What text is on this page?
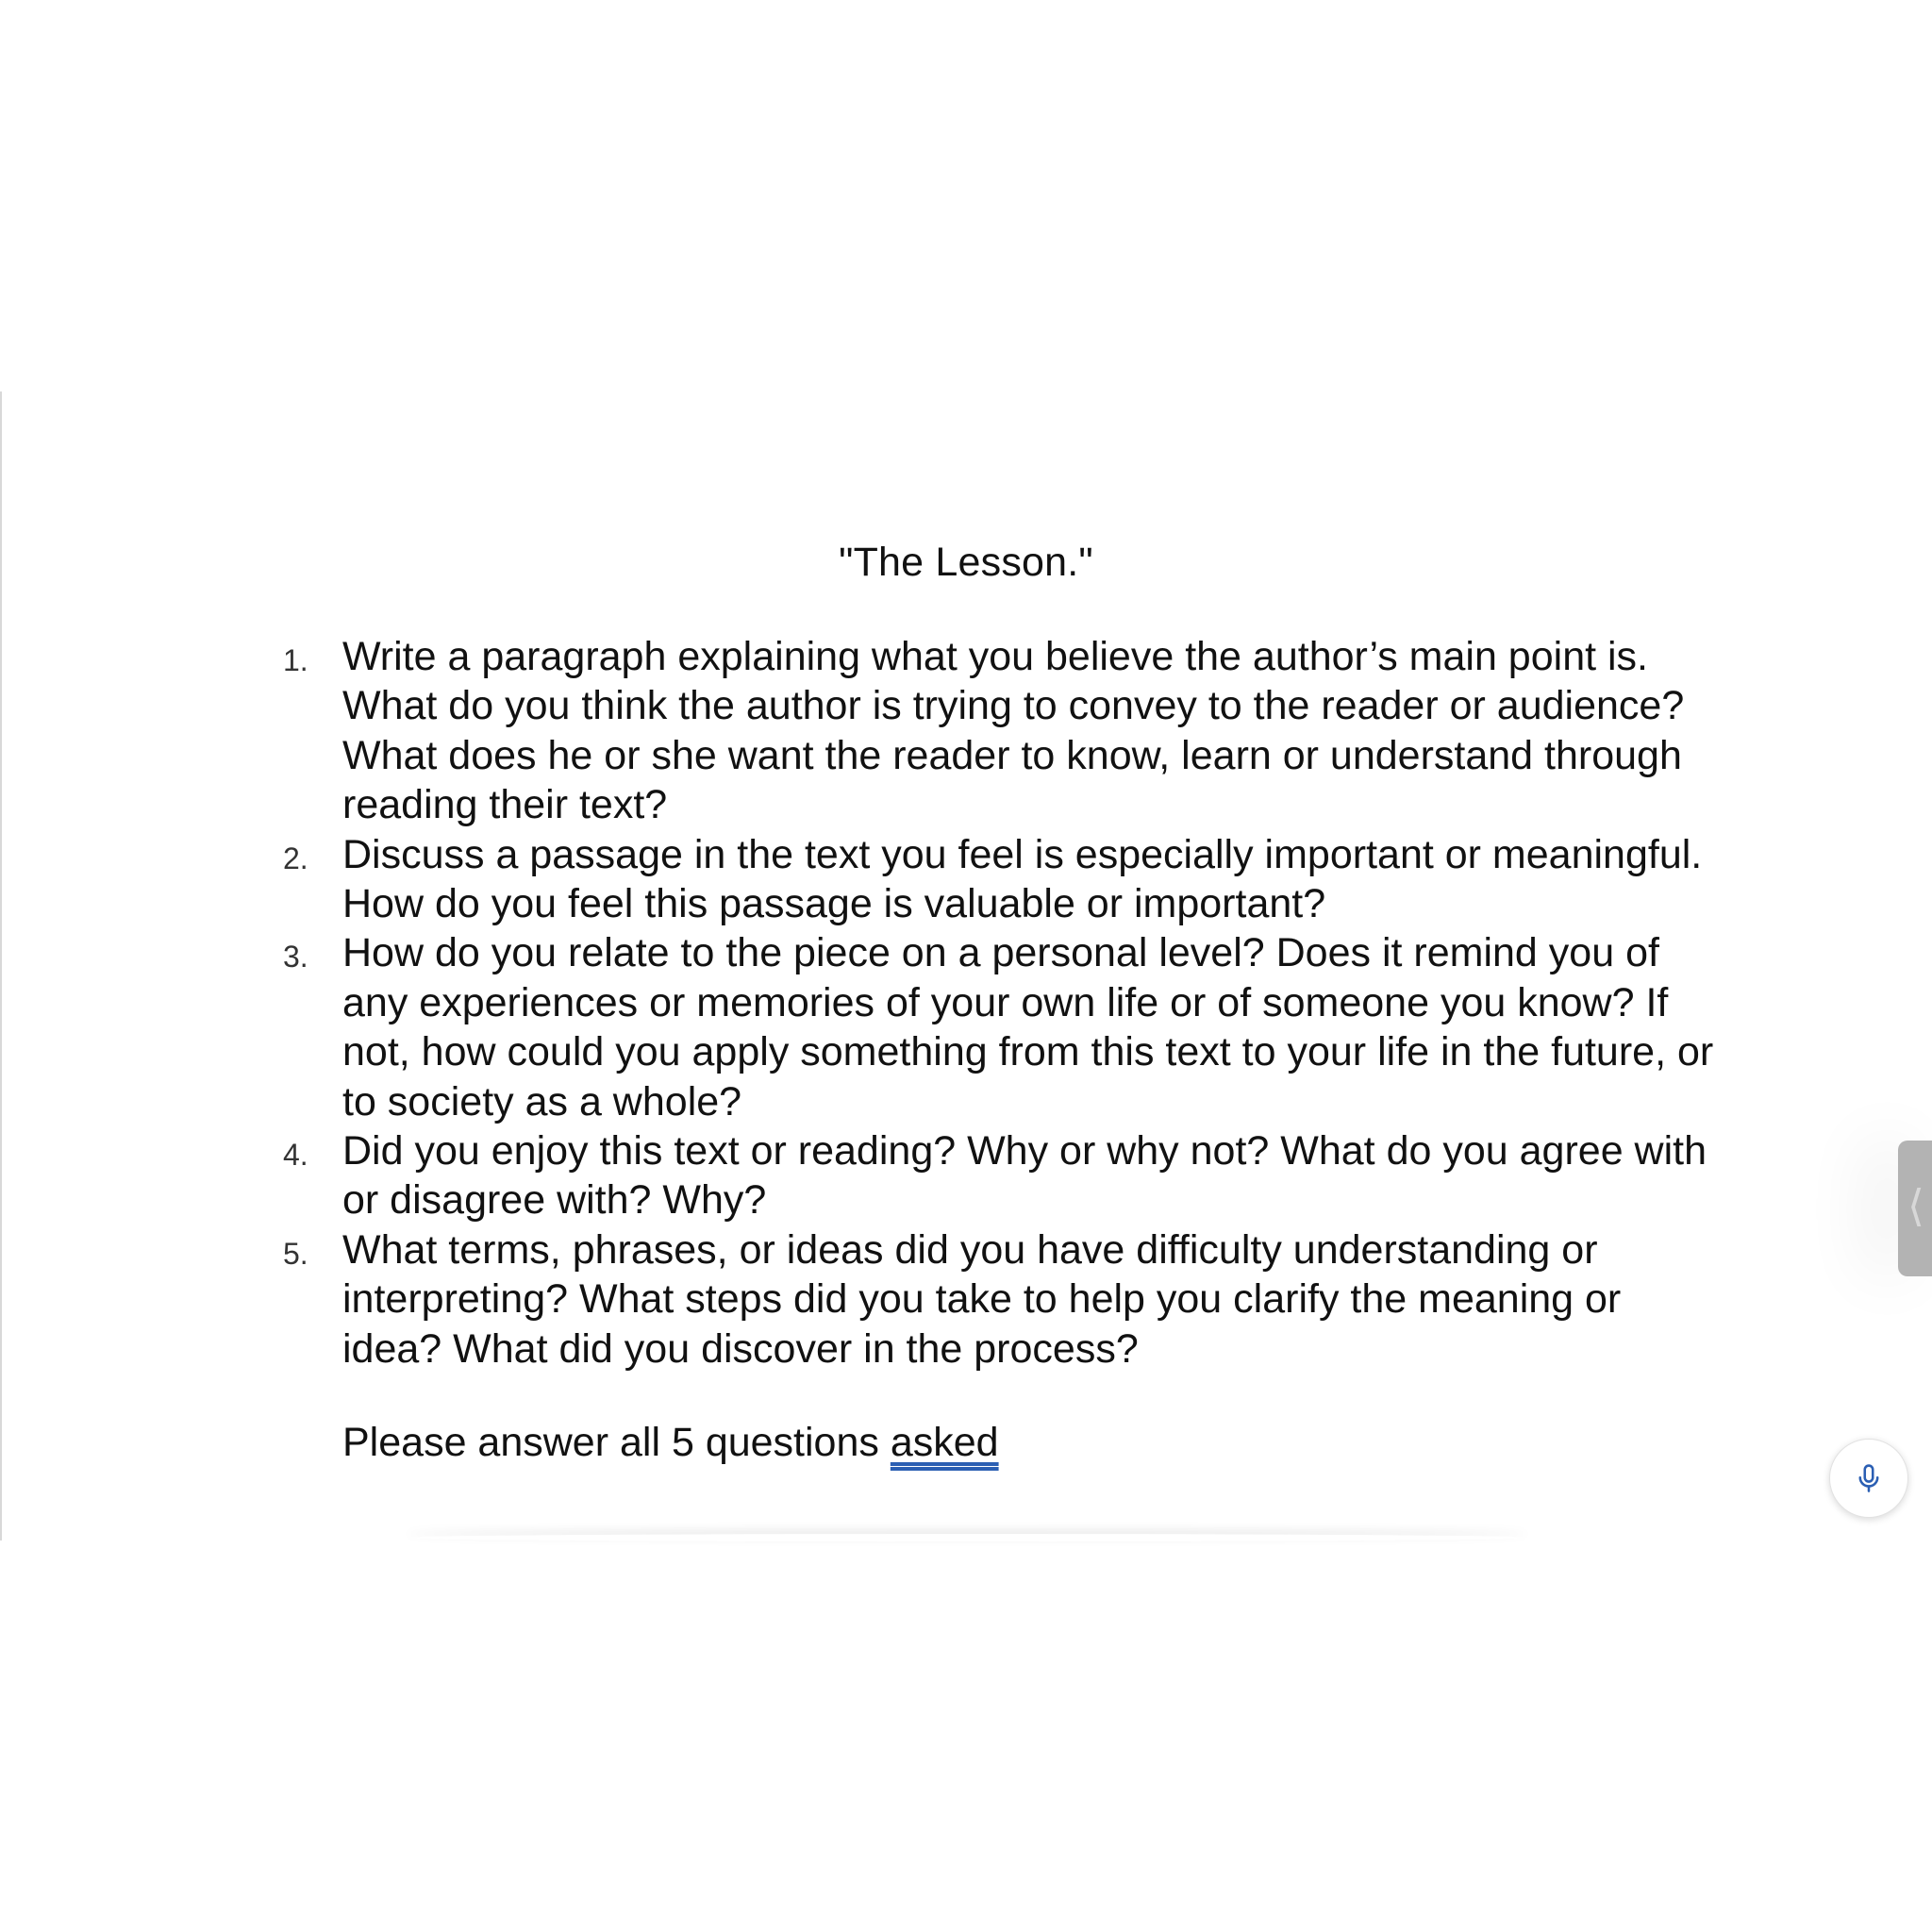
"The Lesson."
1. Write a paragraph explaining what you believe the author’s main point is. What do you think the author is trying to convey to the reader or audience? What does he or she want the reader to know, learn or understand through reading their text?
2. Discuss a passage in the text you feel is especially important or meaningful. How do you feel this passage is valuable or important?
3. How do you relate to the piece on a personal level? Does it remind you of any experiences or memories of your own life or of someone you know? If not, how could you apply something from this text to your life in the future, or to society as a whole?
4. Did you enjoy this text or reading? Why or why not? What do you agree with or disagree with? Why?
5. What terms, phrases, or ideas did you have difficulty understanding or interpreting? What steps did you take to help you clarify the meaning or idea? What did you discover in the process?
Please answer all 5 questions asked
⟨
